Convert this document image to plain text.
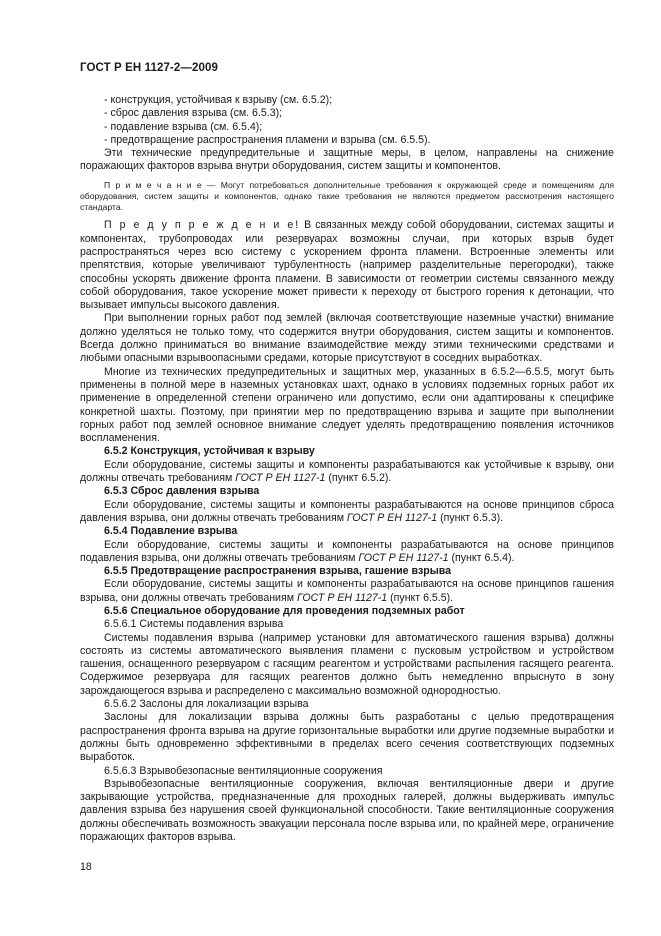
ГОСТ Р ЕН 1127-2—2009

- конструкция, устойчивая к взрыву (см. 6.5.2);

- сброс давления взрыва (см. 6.5.3);

- подавление взрыва (см. 6.5.4);

- предотвращение распространения пламени и взрыва (см. 6.5.5).

Эти технические предупредительные и защитные меры, в целом, направлены на снижение поражающих факторов взрыва внутри оборудования, систем защиты и компонентов.

П р и м е ч а н и е — Могут потребоваться дополнительные требования к окружающей среде и помещениям для оборудования, систем защиты и компонентов, однако такие требования не являются предметом рассмотрения настоящего стандарта.

П р е д у п р е ж д е н и е! В связанных между собой оборудовании, системах защиты и компонентах, трубопроводах или резервуарах возможны случаи, при которых взрыв будет распространяться через всю систему с ускорением фронта пламени. Встроенные элементы или препятствия, которые увеличивают турбулентность (например разделительные перегородки), также способны ускорять движение фронта пламени. В зависимости от геометрии системы связанного между собой оборудования, такое ускорение может привести к переходу от быстрого горения к детонации, что вызывает импульсы высокого давления.

При выполнении горных работ под землей (включая соответствующие наземные участки) внимание должно уделяться не только тому, что содержится внутри оборудования, систем защиты и компонентов. Всегда должно приниматься во внимание взаимодействие между этими техническими средствами и любыми опасными взрывоопасными средами, которые присутствуют в соседних выработках.

Многие из технических предупредительных и защитных мер, указанных в 6.5.2—6.5.5, могут быть применены в полной мере в наземных установках шахт, однако в условиях подземных горных работ их применение в определенной степени ограничено или допустимо, если они адаптированы к специфике конкретной шахты. Поэтому, при принятии мер по предотвращению взрыва и защите при выполнении горных работ под землей основное внимание следует уделять предотвращению появления источников воспламенения.

6.5.2 Конструкция, устойчивая к взрыву

Если оборудование, системы защиты и компоненты разрабатываются как устойчивые к взрыву, они должны отвечать требованиям ГОСТ Р ЕН 1127-1 (пункт 6.5.2).

6.5.3 Сброс давления взрыва

Если оборудование, системы защиты и компоненты разрабатываются на основе принципов сброса давления взрыва, они должны отвечать требованиям ГОСТ Р ЕН 1127-1 (пункт 6.5.3).

6.5.4 Подавление взрыва

Если оборудование, системы защиты и компоненты разрабатываются на основе принципов подавления взрыва, они должны отвечать требованиям ГОСТ Р ЕН 1127-1 (пункт 6.5.4).

6.5.5 Предотвращение распространения взрыва, гашение взрыва

Если оборудование, системы защиты и компоненты разрабатываются на основе принципов гашения взрыва, они должны отвечать требованиям ГОСТ Р ЕН 1127-1 (пункт 6.5.5).

6.5.6 Специальное оборудование для проведения подземных работ

6.5.6.1 Системы подавления взрыва

Системы подавления взрыва (например установки для автоматического гашения взрыва) должны состоять из системы автоматического выявления пламени с пусковым устройством и устройством гашения, оснащенного резервуаром с гасящим реагентом и устройствами распыления гасящего реагента. Содержимое резервуара для гасящих реагентов должно быть немедленно впрыснуто в зону зарождающегося взрыва и распределено с максимально возможной однородностью.

6.5.6.2 Заслоны для локализации взрыва

Заслоны для локализации взрыва должны быть разработаны с целью предотвращения распространения фронта взрыва на другие горизонтальные выработки или другие подземные выработки и должны быть одновременно эффективными в пределах всего сечения соответствующих подземных выработок.

6.5.6.3 Взрывобезопасные вентиляционные сооружения

Взрывобезопасные вентиляционные сооружения, включая вентиляционные двери и другие закрывающие устройства, предназначенные для проходных галерей, должны выдерживать импульс давления взрыва без нарушения своей функциональной способности. Такие вентиляционные сооружения должны обеспечивать возможность эвакуации персонала после взрыва или, по крайней мере, ограничение поражающих факторов взрыва.

18
